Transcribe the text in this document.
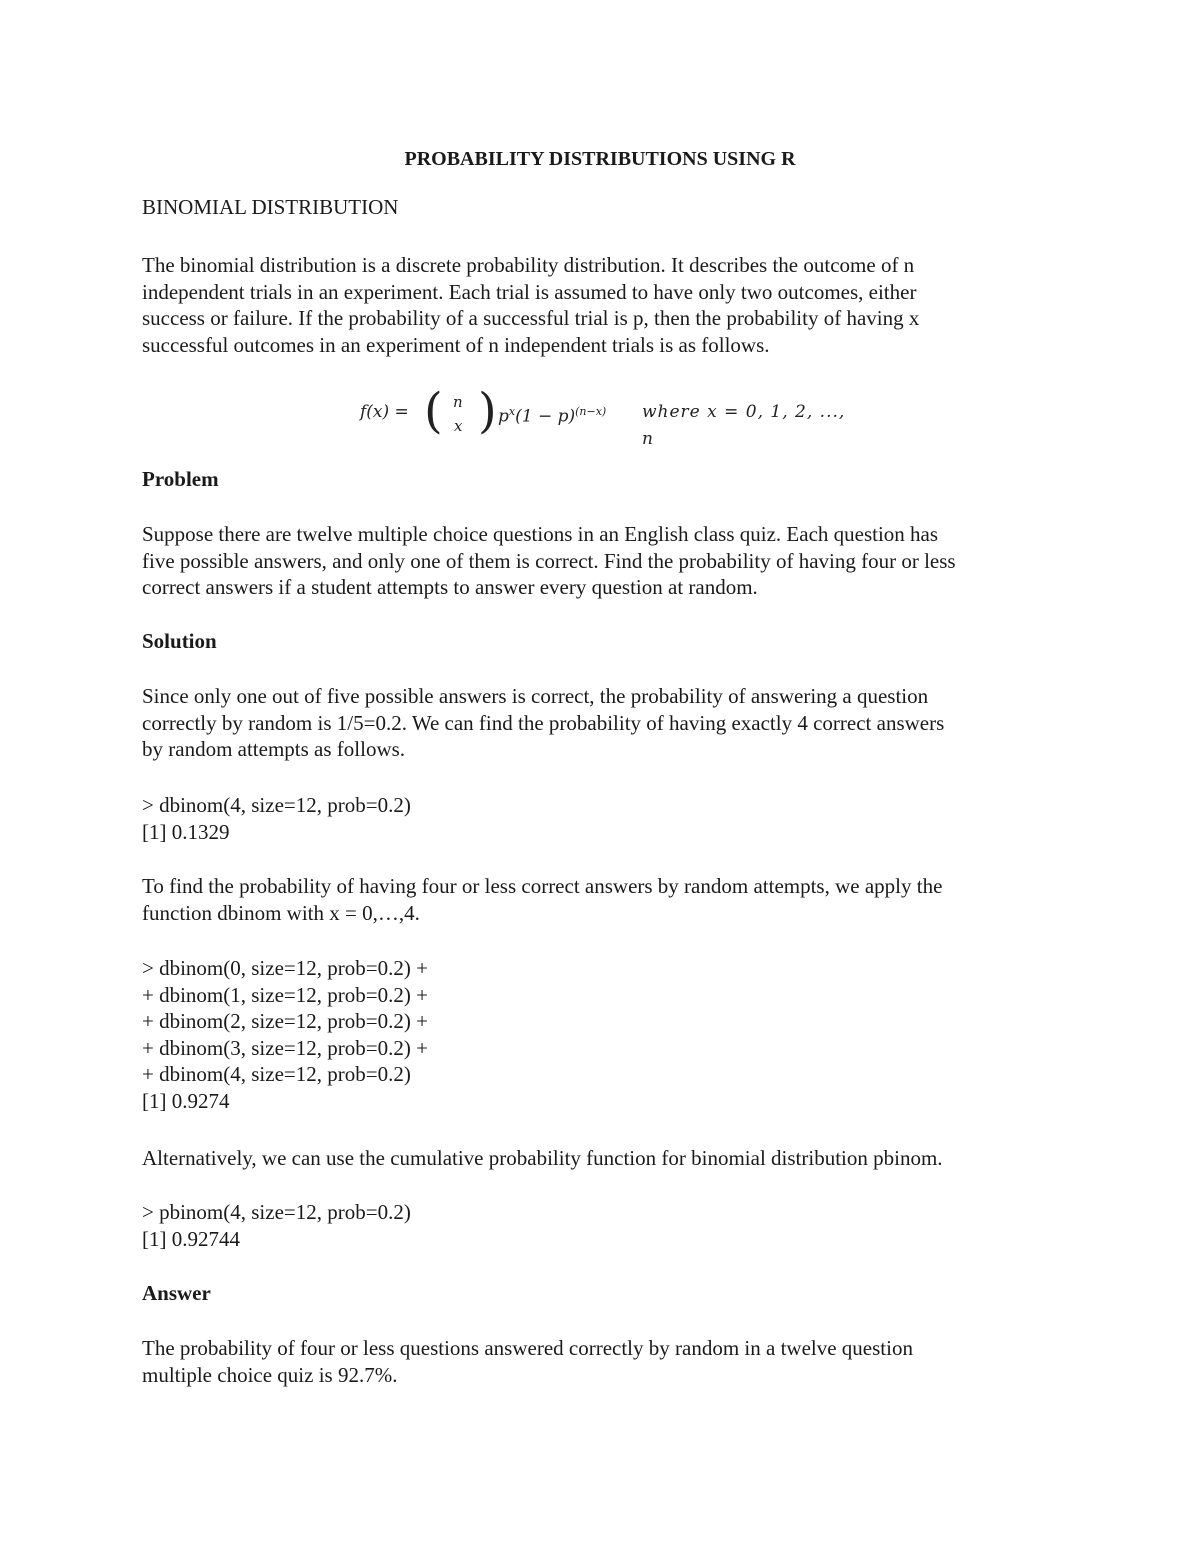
PROBABILITY DISTRIBUTIONS USING R

BINOMIAL DISTRIBUTION

The binomial distribution is a discrete probability distribution. It describes the outcome of n
independent trials in an experiment. Each trial is assumed to have only two outcomes, either
success or failure. If the probability of a successful trial is p, then the probability of having x
successful outcomes in an experiment of n independent trials is as follows.

f(x) = ( n
x ) $p^x(1 - p)^{(n-x)}$ where x = 0, 1, 2, ..., n

Problem

Suppose there are twelve multiple choice questions in an English class quiz. Each question has
five possible answers, and only one of them is correct. Find the probability of having four or less
correct answers if a student attempts to answer every question at random.

Solution

Since only one out of five possible answers is correct, the probability of answering a question
correctly by random is 1/5=0.2. We can find the probability of having exactly 4 correct answers
by random attempts as follows.

> dbinom(4, size=12, prob=0.2)
[1] 0.1329

To find the probability of having four or less correct answers by random attempts, we apply the
function dbinom with x = 0,…,4.

> dbinom(0, size=12, prob=0.2) +
+ dbinom(1, size=12, prob=0.2) +
+ dbinom(2, size=12, prob=0.2) +
+ dbinom(3, size=12, prob=0.2) +
+ dbinom(4, size=12, prob=0.2)
[1] 0.9274

Alternatively, we can use the cumulative probability function for binomial distribution pbinom.

> pbinom(4, size=12, prob=0.2)
[1] 0.92744

Answer

The probability of four or less questions answered correctly by random in a twelve question
multiple choice quiz is 92.7%.
